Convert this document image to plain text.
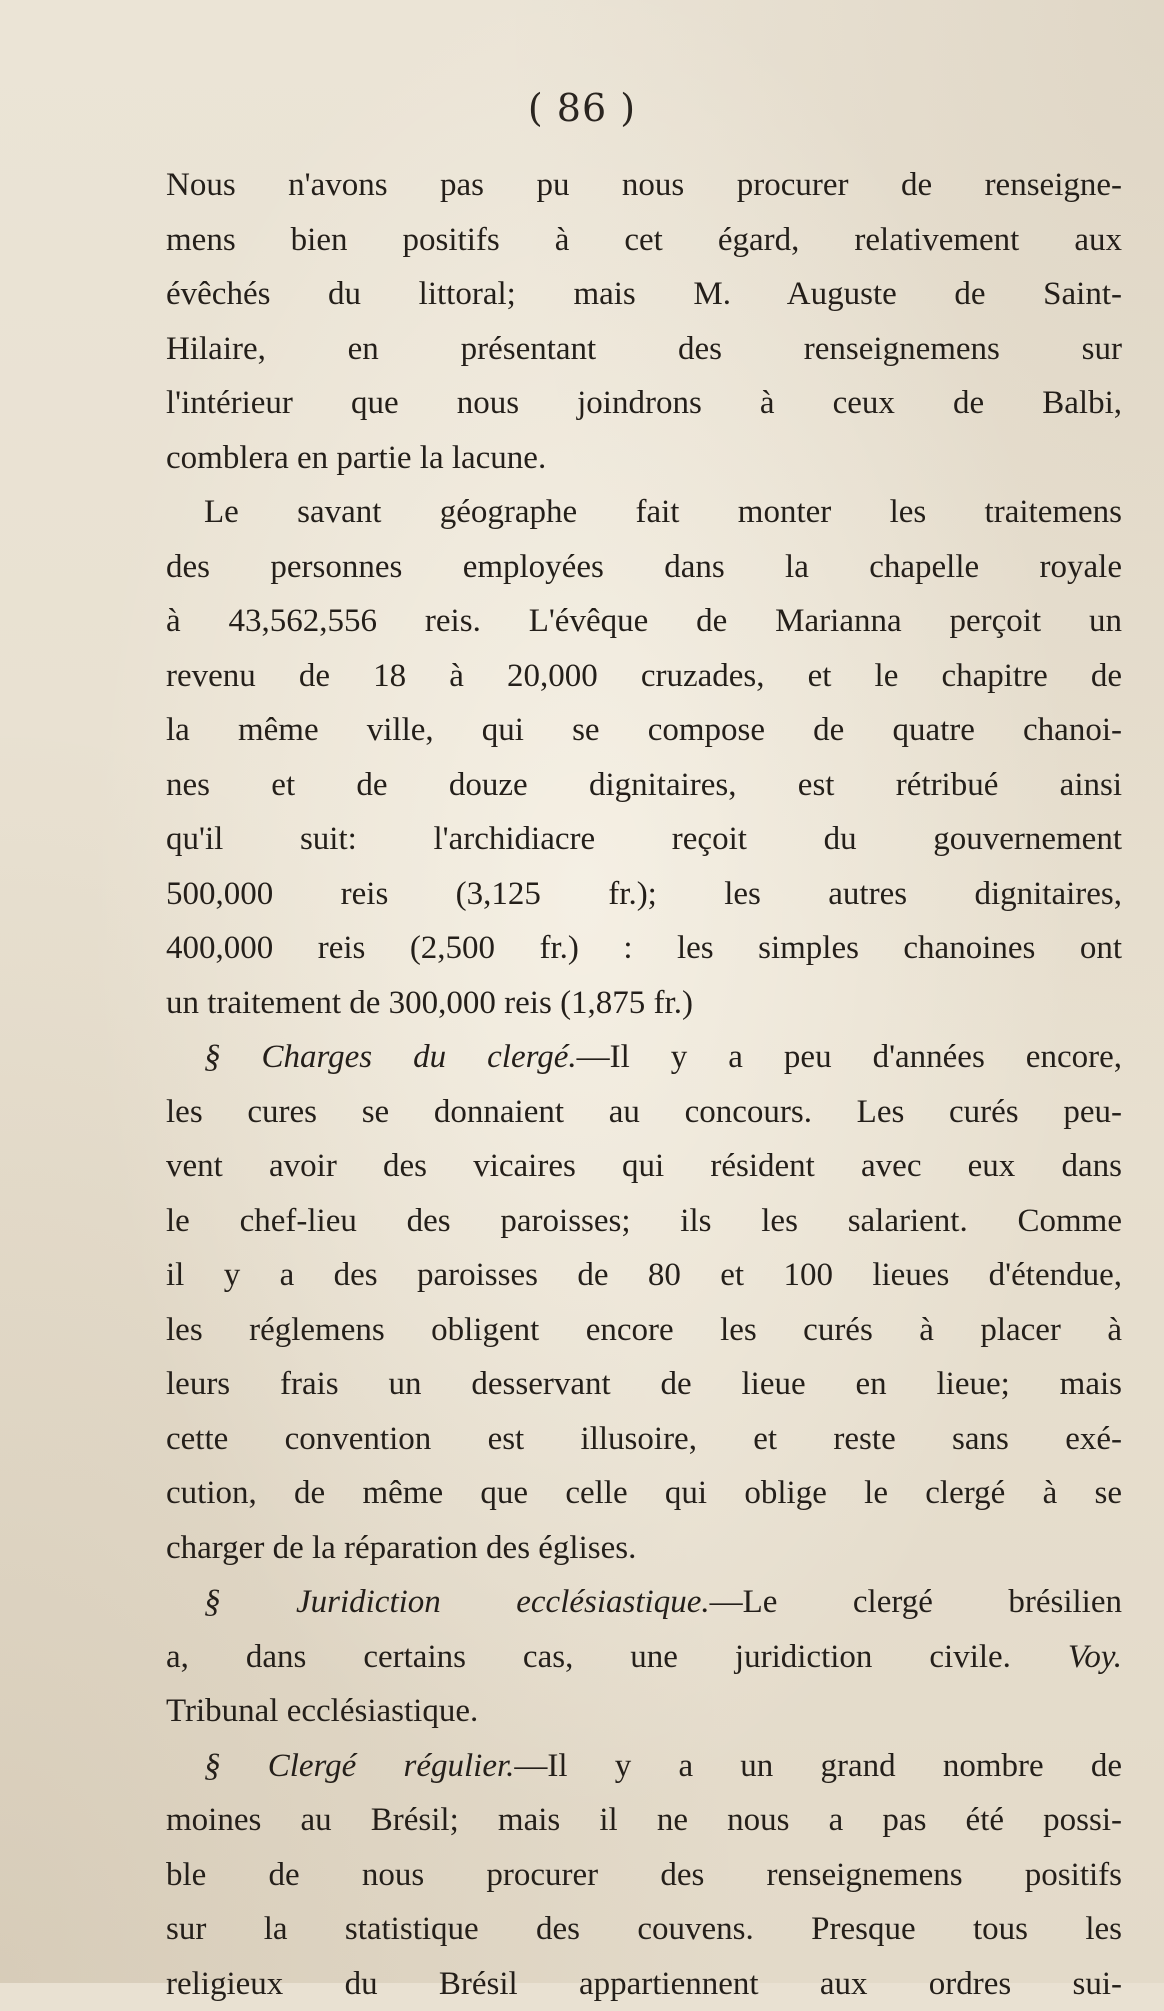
( 86 )
Nous n'avons pas pu nous procurer de renseigne-
mens bien positifs à cet égard, relativement aux
évêchés du littoral; mais M. Auguste de Saint-
Hilaire, en présentant des renseignemens sur
l'intérieur que nous joindrons à ceux de Balbi,
comblera en partie la lacune.
Le savant géographe fait monter les traitemens
des personnes employées dans la chapelle royale
à 43,562,556 reis. L'évêque de Marianna perçoit un
revenu de 18 à 20,000 cruzades, et le chapitre de
la même ville, qui se compose de quatre chanoi-
nes et de douze dignitaires, est rétribué ainsi
qu'il suit: l'archidiacre reçoit du gouvernement
500,000 reis (3,125 fr.); les autres dignitaires,
400,000 reis (2,500 fr.) : les simples chanoines ont
un traitement de 300,000 reis (1,875 fr.)
§ Charges du clergé.—Il y a peu d'années encore,
les cures se donnaient au concours. Les curés peu-
vent avoir des vicaires qui résident avec eux dans
le chef-lieu des paroisses; ils les salarient. Comme
il y a des paroisses de 80 et 100 lieues d'étendue,
les réglemens obligent encore les curés à placer à
leurs frais un desservant de lieue en lieue; mais
cette convention est illusoire, et reste sans exé-
cution, de même que celle qui oblige le clergé à se
charger de la réparation des églises.
§ Juridiction ecclésiastique.—Le clergé brésilien
a, dans certains cas, une juridiction civile. Voy.
Tribunal ecclésiastique.
§ Clergé régulier.—Il y a un grand nombre de
moines au Brésil; mais il ne nous a pas été possi-
ble de nous procurer des renseignemens positifs
sur la statistique des couvens. Presque tous les
religieux du Brésil appartiennent aux ordres sui-
